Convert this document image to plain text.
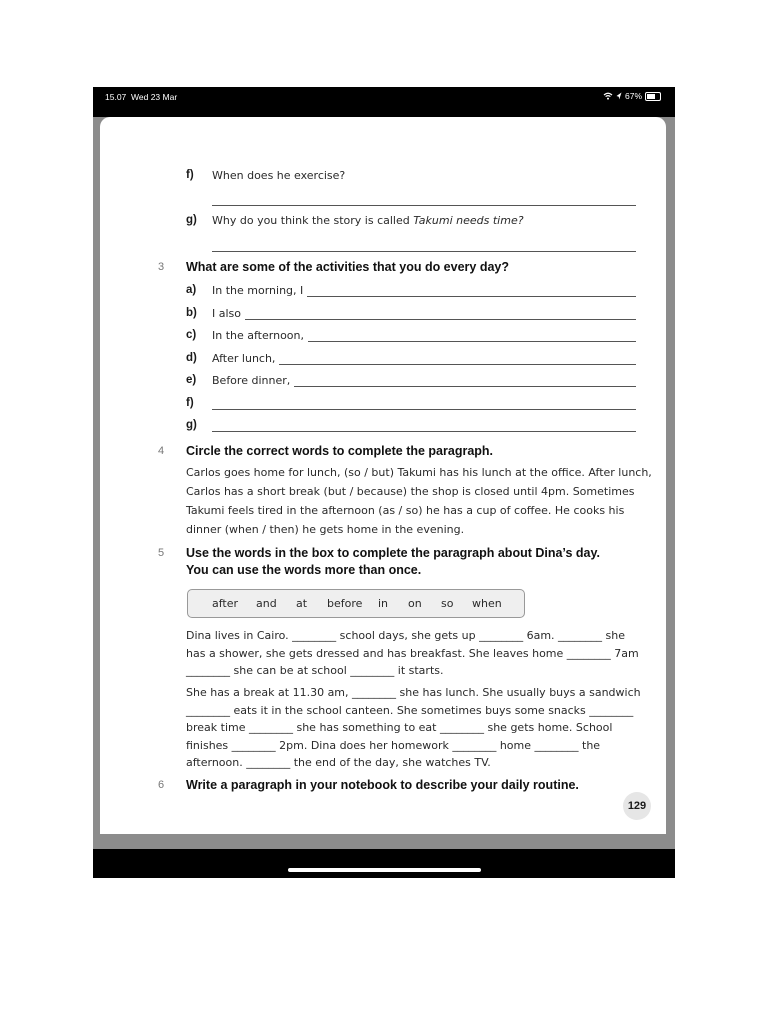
15.07 Wed 23 Mar	67%
f) When does he exercise?
g) Why do you think the story is called Takumi needs time?
3 What are some of the activities that you do every day?
a) In the morning, I
b) I also
c) In the afternoon,
d) After lunch,
e) Before dinner,
f)
g)
4 Circle the correct words to complete the paragraph.
Carlos goes home for lunch, (so / but) Takumi has his lunch at the office. After lunch,
Carlos has a short break (but / because) the shop is closed until 4pm. Sometimes
Takumi feels tired in the afternoon (as / so) he has a cup of coffee. He cooks his
dinner (when / then) he gets home in the evening.
5 Use the words in the box to complete the paragraph about Dina’s day.
You can use the words more than once.
after and at before in on so when
Dina lives in Cairo. ________ school days, she gets up ________ 6am. ________ she
has a shower, she gets dressed and has breakfast. She leaves home ________ 7am
________ she can be at school ________ it starts.
She has a break at 11.30 am, ________ she has lunch. She usually buys a sandwich
________ eats it in the school canteen. She sometimes buys some snacks ________
break time ________ she has something to eat ________ she gets home. School
finishes ________ 2pm. Dina does her homework ________ home ________ the
afternoon. ________ the end of the day, she watches TV.
6 Write a paragraph in your notebook to describe your daily routine.
129
